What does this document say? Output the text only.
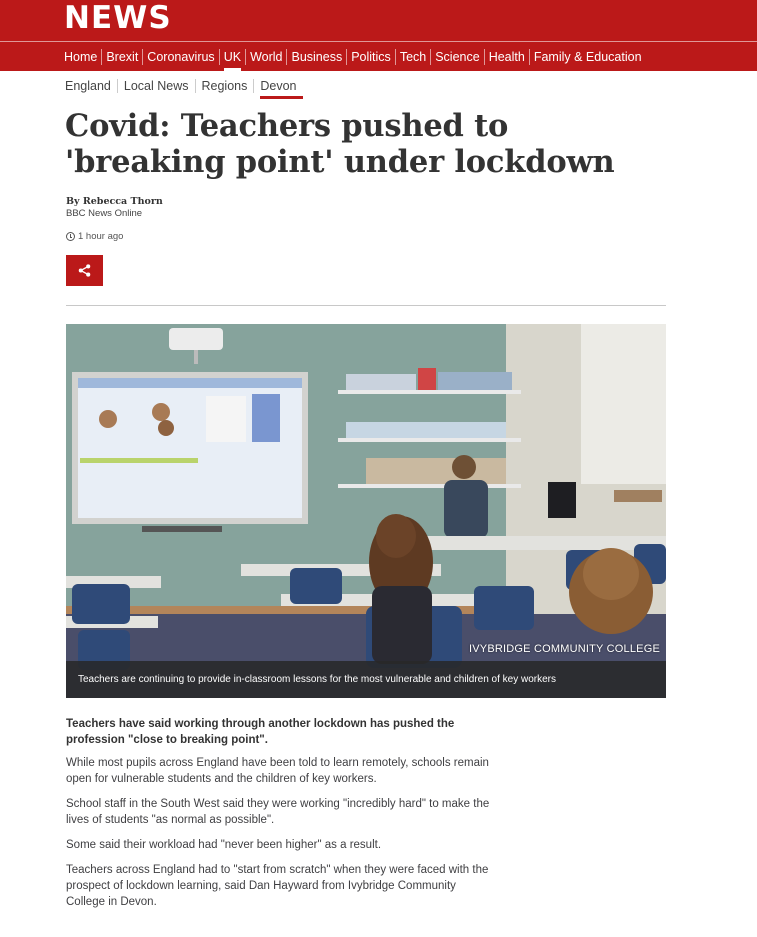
NEWS
Home Brexit Coronavirus UK World Business Politics Tech Science Health Family & Education
England	Local News	Regions	Devon
Covid: Teachers pushed to 'breaking point' under lockdown
By Rebecca Thorn
BBC News Online
1 hour ago
IVYBRIDGE COMMUNITY COLLEGE
Teachers are continuing to provide in-classroom lessons for the most vulnerable and children of key workers

Teachers have said working through another lockdown has pushed the profession "close to breaking point".

While most pupils across England have been told to learn remotely, schools remain open for vulnerable students and the children of key workers.

School staff in the South West said they were working "incredibly hard" to make the lives of students "as normal as possible".

Some said their workload had "never been higher" as a result.

Teachers across England had to "start from scratch" when they were faced with the prospect of lockdown learning, said Dan Hayward from Ivybridge Community College in Devon.
